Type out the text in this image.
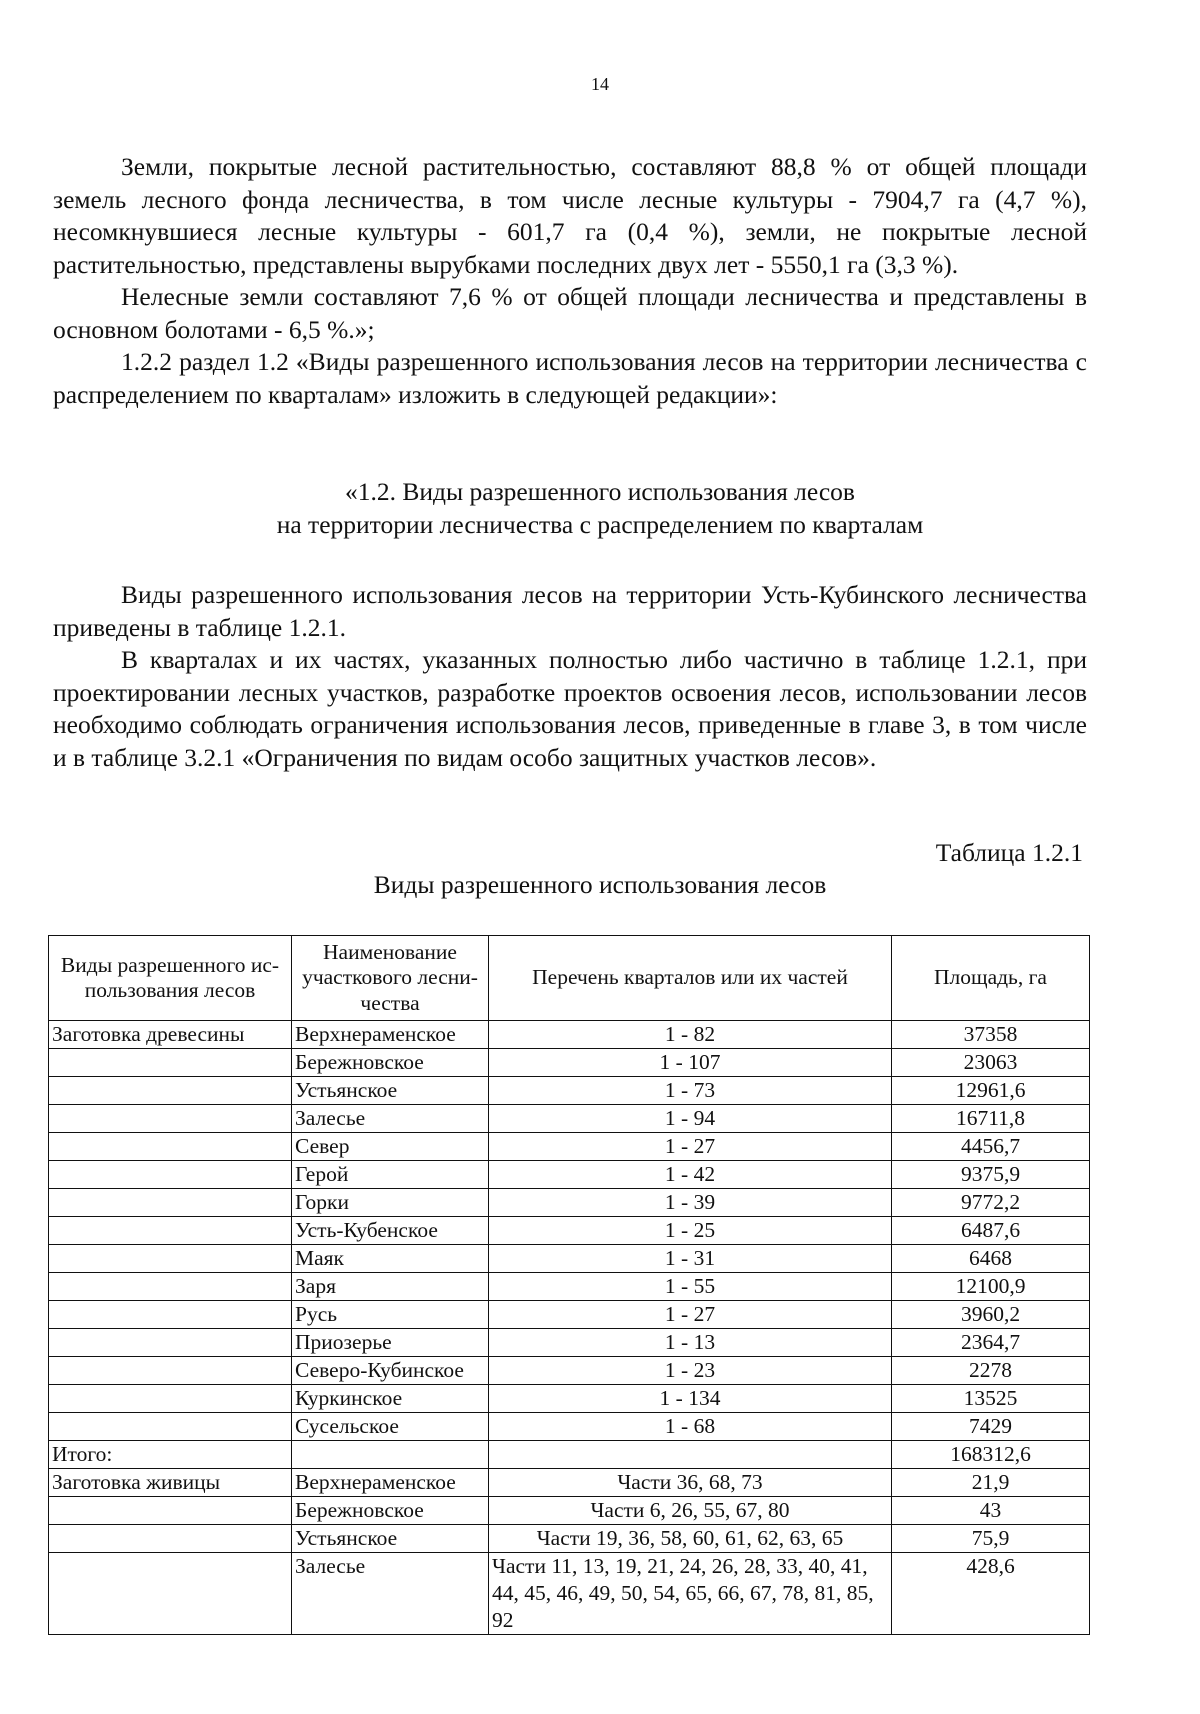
14

Земли, покрытые лесной растительностью, составляют 88,8 % от общей площади земель лесного фонда лесничества, в том числе лесные культуры - 7904,7 га (4,7 %), несомкнувшиеся лесные культуры - 601,7 га (0,4 %), земли, не покрытые лесной растительностью, представлены вырубками последних двух лет - 5550,1 га (3,3 %).

Нелесные земли составляют 7,6 % от общей площади лесничества и представлены в основном болотами - 6,5 %.»;

1.2.2 раздел 1.2 «Виды разрешенного использования лесов на территории лесничества с распределением по кварталам» изложить в следующей редакции»:

«1.2. Виды разрешенного использования лесов
на территории лесничества с распределением по кварталам

Виды разрешенного использования лесов на территории Усть-Кубинского лесничества приведены в таблице 1.2.1.

В кварталах и их частях, указанных полностью либо частично в таблице 1.2.1, при проектировании лесных участков, разработке проектов освоения лесов, использовании лесов необходимо соблюдать ограничения использования лесов, приведенные в главе 3, в том числе и в таблице 3.2.1 «Ограничения по видам особо защитных участков лесов».

Таблица 1.2.1
Виды разрешенного использования лесов
Виды разрешенного ис-пользования лесов	Наименование участкового лесни-чества	Перечень кварталов или их частей	Площадь, га
Заготовка древесины	Верхнераменское	1 - 82	37358
	Бережновское	1 - 107	23063
	Устьянское	1 - 73	12961,6
	Залесье	1 - 94	16711,8
	Север	1 - 27	4456,7
	Герой	1 - 42	9375,9
	Горки	1 - 39	9772,2
	Усть-Кубенское	1 - 25	6487,6
	Маяк	1 - 31	6468
	Заря	1 - 55	12100,9
	Русь	1 - 27	3960,2
	Приозерье	1 - 13	2364,7
	Северо-Кубинское	1 - 23	2278
	Куркинское	1 - 134	13525
	Сусельское	1 - 68	7429
Итого:			168312,6
Заготовка живицы	Верхнераменское	Части 36, 68, 73	21,9
	Бережновское	Части 6, 26, 55, 67, 80	43
	Устьянское	Части 19, 36, 58, 60, 61, 62, 63, 65	75,9
	Залесье	Части 11, 13, 19, 21, 24, 26, 28, 33, 40, 41, 44, 45, 46, 49, 50, 54, 65, 66, 67, 78, 81, 85, 92	428,6
